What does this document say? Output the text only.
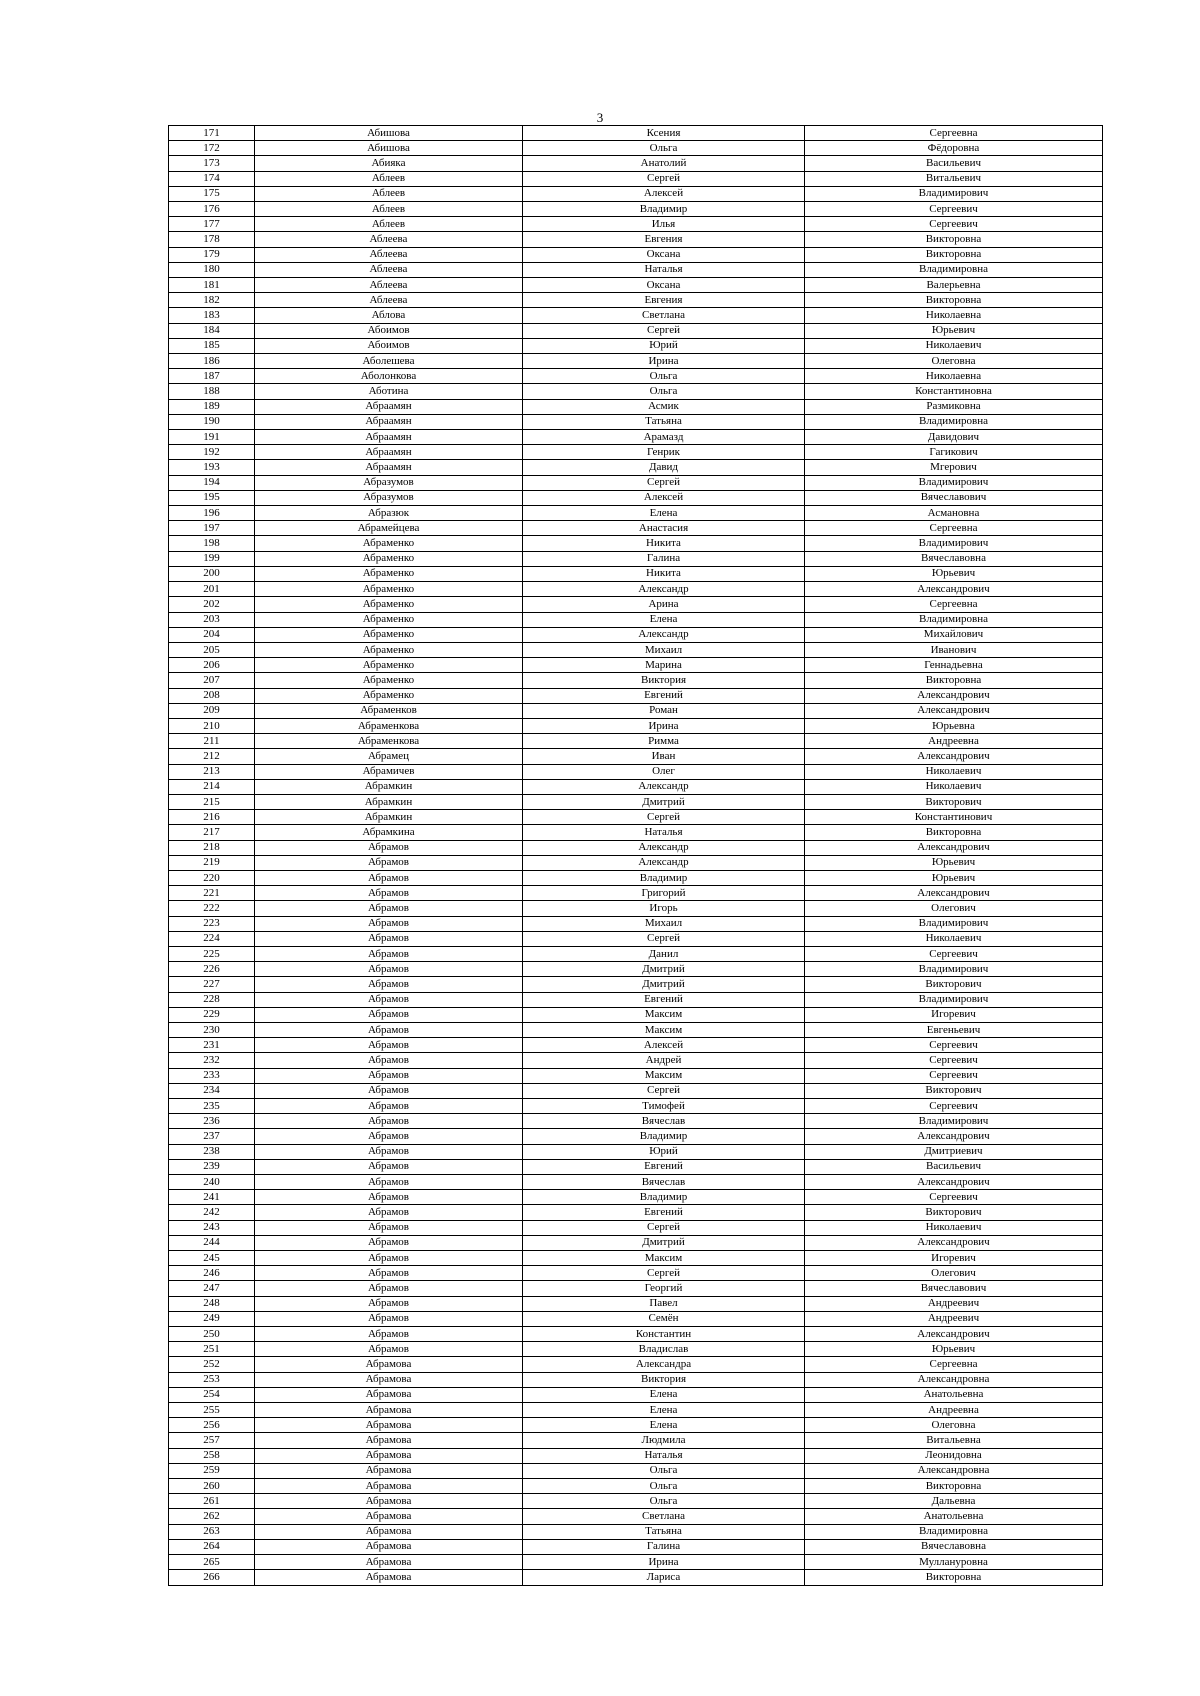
3
171	Абишова	Ксения	Сергеевна
172	Абишова	Ольга	Фёдоровна
173	Абияка	Анатолий	Васильевич
174	Аблеев	Сергей	Витальевич
175	Аблеев	Алексей	Владимирович
176	Аблеев	Владимир	Сергеевич
177	Аблеев	Илья	Сергеевич
178	Аблеева	Евгения	Викторовна
179	Аблеева	Оксана	Викторовна
180	Аблеева	Наталья	Владимировна
181	Аблеева	Оксана	Валерьевна
182	Аблеева	Евгения	Викторовна
183	Аблова	Светлана	Николаевна
184	Абоимов	Сергей	Юрьевич
185	Абоимов	Юрий	Николаевич
186	Аболешева	Ирина	Олеговна
187	Аболонкова	Ольга	Николаевна
188	Аботина	Ольга	Константиновна
189	Абраамян	Асмик	Размиковна
190	Абраамян	Татьяна	Владимировна
191	Абраамян	Арамазд	Давидович
192	Абраамян	Генрик	Гагикович
193	Абраамян	Давид	Мгерович
194	Абразумов	Сергей	Владимирович
195	Абразумов	Алексей	Вячеславович
196	Абразюк	Елена	Асмановна
197	Абрамейцева	Анастасия	Сергеевна
198	Абраменко	Никита	Владимирович
199	Абраменко	Галина	Вячеславовна
200	Абраменко	Никита	Юрьевич
201	Абраменко	Александр	Александрович
202	Абраменко	Арина	Сергеевна
203	Абраменко	Елена	Владимировна
204	Абраменко	Александр	Михайлович
205	Абраменко	Михаил	Иванович
206	Абраменко	Марина	Геннадьевна
207	Абраменко	Виктория	Викторовна
208	Абраменко	Евгений	Александрович
209	Абраменков	Роман	Александрович
210	Абраменкова	Ирина	Юрьевна
211	Абраменкова	Римма	Андреевна
212	Абрамец	Иван	Александрович
213	Абрамичев	Олег	Николаевич
214	Абрамкин	Александр	Николаевич
215	Абрамкин	Дмитрий	Викторович
216	Абрамкин	Сергей	Константинович
217	Абрамкина	Наталья	Викторовна
218	Абрамов	Александр	Александрович
219	Абрамов	Александр	Юрьевич
220	Абрамов	Владимир	Юрьевич
221	Абрамов	Григорий	Александрович
222	Абрамов	Игорь	Олегович
223	Абрамов	Михаил	Владимирович
224	Абрамов	Сергей	Николаевич
225	Абрамов	Данил	Сергеевич
226	Абрамов	Дмитрий	Владимирович
227	Абрамов	Дмитрий	Викторович
228	Абрамов	Евгений	Владимирович
229	Абрамов	Максим	Игоревич
230	Абрамов	Максим	Евгеньевич
231	Абрамов	Алексей	Сергеевич
232	Абрамов	Андрей	Сергеевич
233	Абрамов	Максим	Сергеевич
234	Абрамов	Сергей	Викторович
235	Абрамов	Тимофей	Сергеевич
236	Абрамов	Вячеслав	Владимирович
237	Абрамов	Владимир	Александрович
238	Абрамов	Юрий	Дмитриевич
239	Абрамов	Евгений	Васильевич
240	Абрамов	Вячеслав	Александрович
241	Абрамов	Владимир	Сергеевич
242	Абрамов	Евгений	Викторович
243	Абрамов	Сергей	Николаевич
244	Абрамов	Дмитрий	Александрович
245	Абрамов	Максим	Игоревич
246	Абрамов	Сергей	Олегович
247	Абрамов	Георгий	Вячеславович
248	Абрамов	Павел	Андреевич
249	Абрамов	Семён	Андреевич
250	Абрамов	Константин	Александрович
251	Абрамов	Владислав	Юрьевич
252	Абрамова	Александра	Сергеевна
253	Абрамова	Виктория	Александровна
254	Абрамова	Елена	Анатольевна
255	Абрамова	Елена	Андреевна
256	Абрамова	Елена	Олеговна
257	Абрамова	Людмила	Витальевна
258	Абрамова	Наталья	Леонидовна
259	Абрамова	Ольга	Александровна
260	Абрамова	Ольга	Викторовна
261	Абрамова	Ольга	Дальевна
262	Абрамова	Светлана	Анатольевна
263	Абрамова	Татьяна	Владимировна
264	Абрамова	Галина	Вячеславовна
265	Абрамова	Ирина	Муллануровна
266	Абрамова	Лариса	Викторовна
